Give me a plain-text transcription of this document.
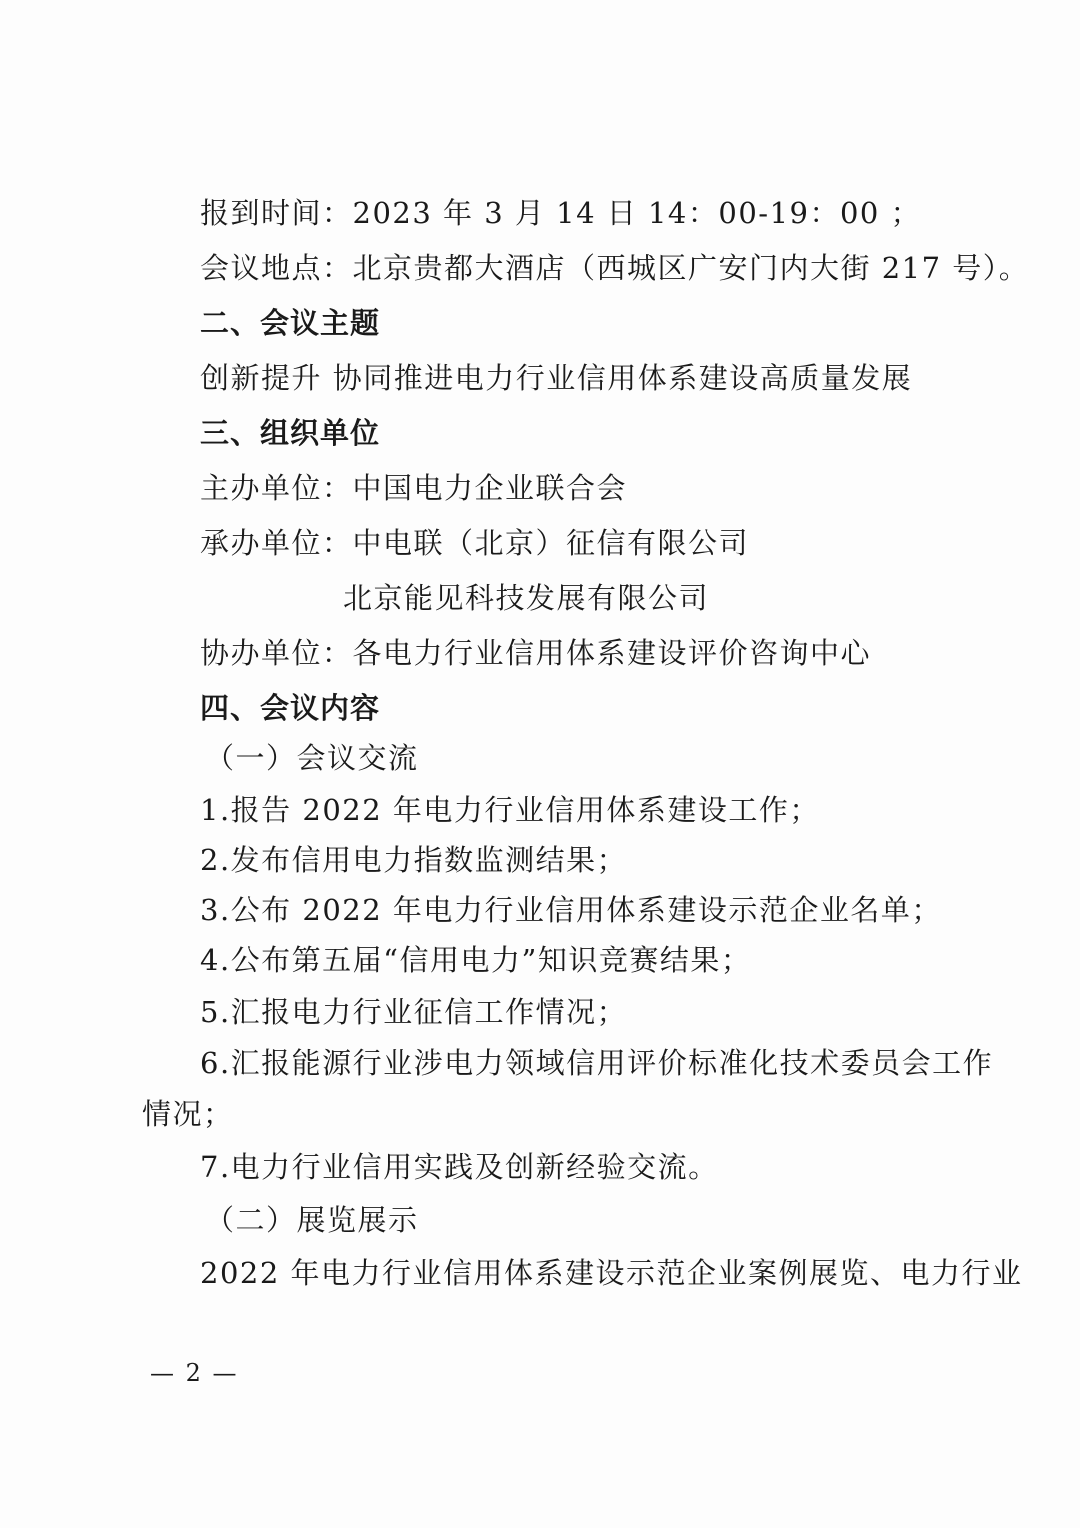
报到时间：2023 年 3 月 14 日 14：00-19：00 ；
会议地点：北京贵都大酒店（西城区广安门内大街 217 号）。
二、会议主题
创新提升 协同推进电力行业信用体系建设高质量发展
三、组织单位
主办单位：中国电力企业联合会
承办单位：中电联（北京）征信有限公司
北京能见科技发展有限公司
协办单位：各电力行业信用体系建设评价咨询中心
四、会议内容
（一）会议交流
1.报告 2022 年电力行业信用体系建设工作；
2.发布信用电力指数监测结果；
3.公布 2022 年电力行业信用体系建设示范企业名单；
4.公布第五届“信用电力”知识竞赛结果；
5.汇报电力行业征信工作情况；
6.汇报能源行业涉电力领域信用评价标准化技术委员会工作
情况；
7.电力行业信用实践及创新经验交流。
（二）展览展示
2022 年电力行业信用体系建设示范企业案例展览、电力行业
— 2 —
